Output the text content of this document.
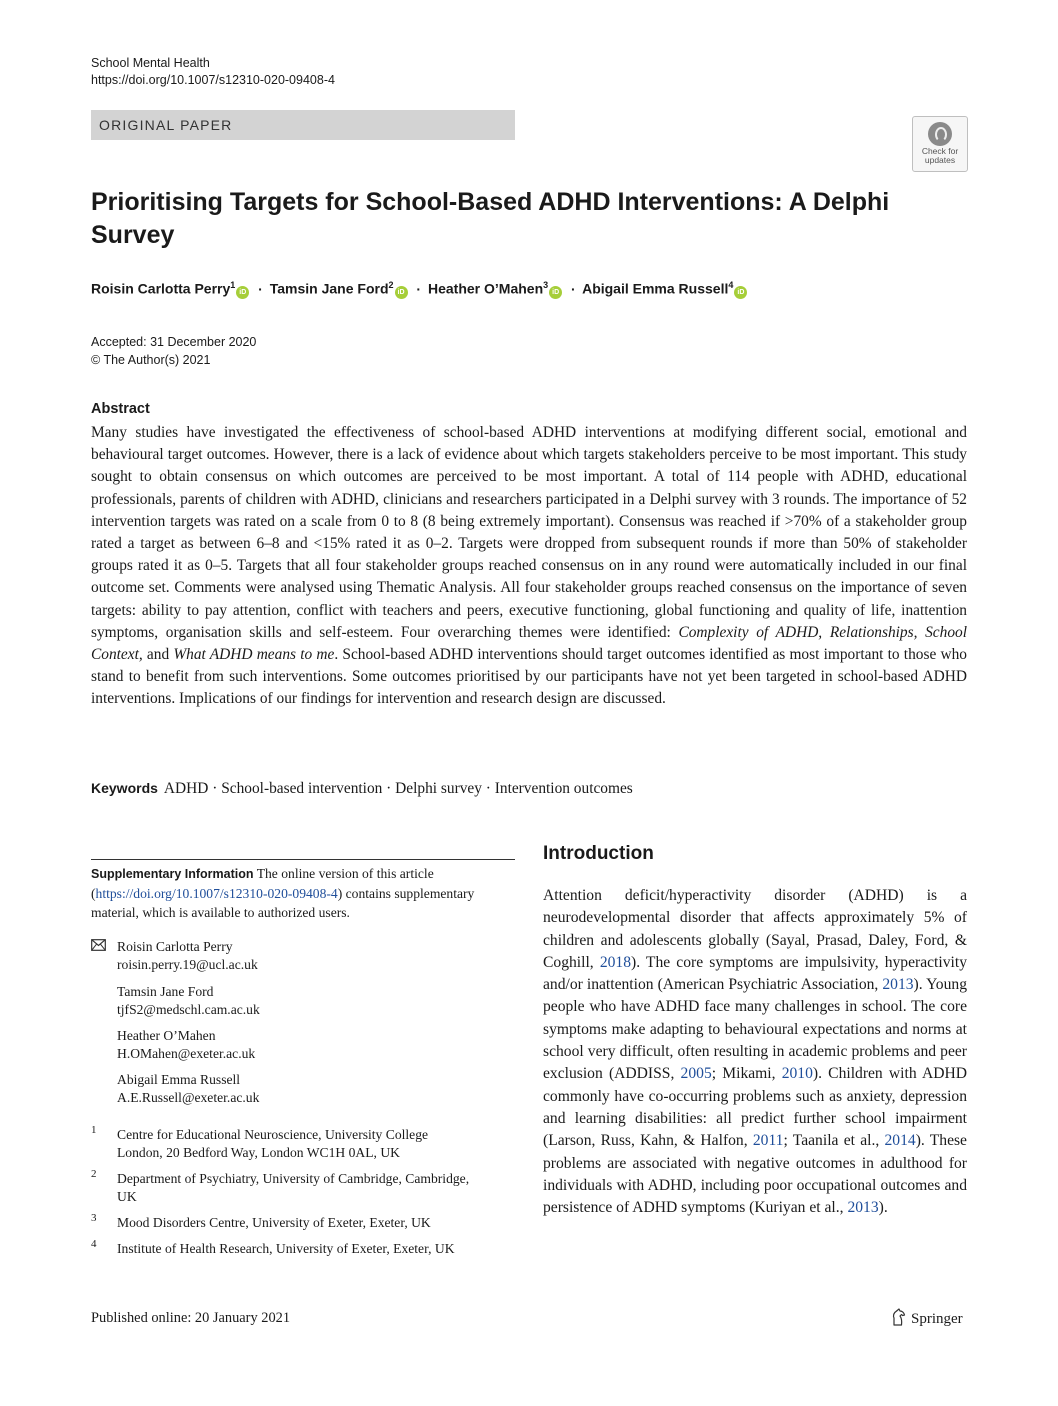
School Mental Health
https://doi.org/10.1007/s12310-020-09408-4
ORIGINAL PAPER
Check for
updates
Prioritising Targets for School-Based ADHD Interventions: A Delphi Survey
Roisin Carlotta Perry$^1$iD · Tamsin Jane Ford$^2$iD · Heather O’Mahen$^3$iD · Abigail Emma Russell$^4$iD
Accepted: 31 December 2020
© The Author(s) 2021
Abstract
Many studies have investigated the effectiveness of school-based ADHD interventions at modifying different social, emotional and behavioural target outcomes. However, there is a lack of evidence about which targets stakeholders perceive to be most important. This study sought to obtain consensus on which outcomes are perceived to be most important. A total of 114 people with ADHD, educational professionals, parents of children with ADHD, clinicians and researchers participated in a Delphi survey with 3 rounds. The importance of 52 intervention targets was rated on a scale from 0 to 8 (8 being extremely important). Consensus was reached if >70% of a stakeholder group rated a target as between 6–8 and <15% rated it as 0–2. Targets were dropped from subsequent rounds if more than 50% of stakeholder groups rated it as 0–5. Targets that all four stakeholder groups reached consensus on in any round were automatically included in our final outcome set. Comments were analysed using Thematic Analysis. All four stakeholder groups reached consensus on the importance of seven targets: ability to pay attention, conflict with teachers and peers, executive functioning, global functioning and quality of life, inattention symptoms, organisation skills and self-esteem. Four overarching themes were identified: Complexity of ADHD, Relationships, School Context, and What ADHD means to me. School-based ADHD interventions should target outcomes identified as most important to those who stand to benefit from such interventions. Some outcomes prioritised by our participants have not yet been targeted in school-based ADHD interventions. Implications of our findings for intervention and research design are discussed.
Keywords ADHD · School-based intervention · Delphi survey · Intervention outcomes
Supplementary Information The online version of this article (https://doi.org/10.1007/s12310-020-09408-4) contains supplementary material, which is available to authorized users.
Roisin Carlotta Perry
roisin.perry.19@ucl.ac.uk
Tamsin Jane Ford
tjfS2@medschl.cam.ac.uk
Heather O’Mahen
H.OMahen@exeter.ac.uk
Abigail Emma Russell
A.E.Russell@exeter.ac.uk
1 Centre for Educational Neuroscience, University College London, 20 Bedford Way, London WC1H 0AL, UK
2 Department of Psychiatry, University of Cambridge, Cambridge, UK
3 Mood Disorders Centre, University of Exeter, Exeter, UK
4 Institute of Health Research, University of Exeter, Exeter, UK
Introduction
Attention deficit/hyperactivity disorder (ADHD) is a neurodevelopmental disorder that affects approximately 5% of children and adolescents globally (Sayal, Prasad, Daley, Ford, & Coghill, 2018). The core symptoms are impulsivity, hyperactivity and/or inattention (American Psychiatric Association, 2013). Young people who have ADHD face many challenges in school. The core symptoms make adapting to behavioural expectations and norms at school very difficult, often resulting in academic problems and peer exclusion (ADDISS, 2005; Mikami, 2010). Children with ADHD commonly have co-occurring problems such as anxiety, depression and learning disabilities: all predict further school impairment (Larson, Russ, Kahn, & Halfon, 2011; Taanila et al., 2014). These problems are associated with negative outcomes in adulthood for individuals with ADHD, including poor occupational outcomes and persistence of ADHD symptoms (Kuriyan et al., 2013).
Published online: 20 January 2021	Springer
